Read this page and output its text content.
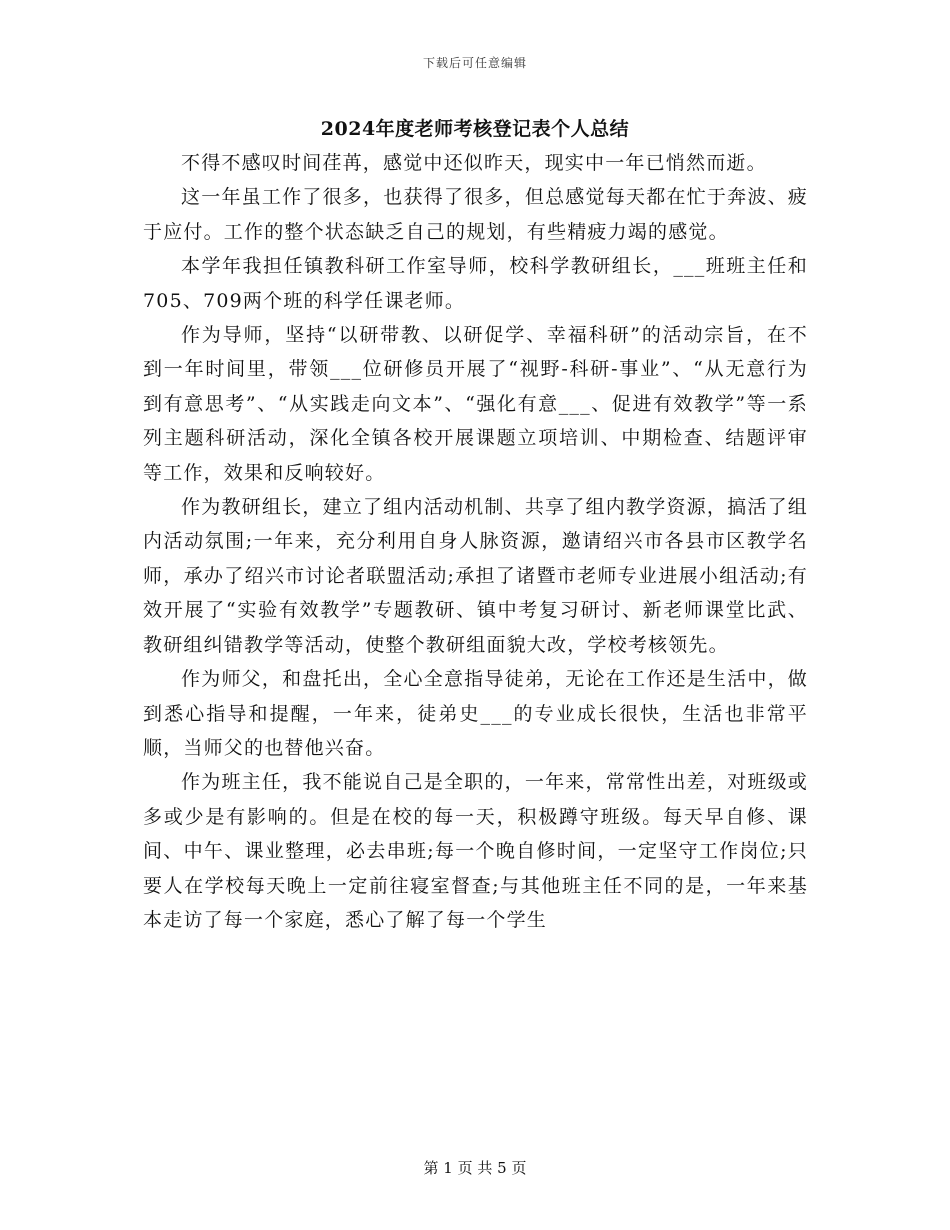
下载后可任意编辑
2024年度老师考核登记表个人总结

不得不感叹时间荏苒，感觉中还似昨天，现实中一年已悄然而逝。

这一年虽工作了很多，也获得了很多，但总感觉每天都在忙于奔波、疲于应付。工作的整个状态缺乏自己的规划，有些精疲力竭的感觉。

本学年我担任镇教科研工作室导师，校科学教研组长，___班班主任和705、709两个班的科学任课老师。

作为导师，坚持“以研带教、以研促学、幸福科研”的活动宗旨，在不到一年时间里，带领___位研修员开展了“视野-科研-事业”、“从无意行为到有意思考”、“从实践走向文本”、“强化有意___、促进有效教学”等一系列主题科研活动，深化全镇各校开展课题立项培训、中期检查、结题评审等工作，效果和反响较好。

作为教研组长，建立了组内活动机制、共享了组内教学资源，搞活了组内活动氛围;一年来，充分利用自身人脉资源，邀请绍兴市各县市区教学名师，承办了绍兴市讨论者联盟活动;承担了诸暨市老师专业进展小组活动;有效开展了“实验有效教学”专题教研、镇中考复习研讨、新老师课堂比武、教研组纠错教学等活动，使整个教研组面貌大改，学校考核领先。

作为师父，和盘托出，全心全意指导徒弟，无论在工作还是生活中，做到悉心指导和提醒，一年来，徒弟史___的专业成长很快，生活也非常平顺，当师父的也替他兴奋。

作为班主任，我不能说自己是全职的，一年来，常常性出差，对班级或多或少是有影响的。但是在校的每一天，积极蹲守班级。每天早自修、课间、中午、课业整理，必去串班;每一个晚自修时间，一定坚守工作岗位;只要人在学校每天晚上一定前往寝室督查;与其他班主任不同的是，一年来基本走访了每一个家庭，悉心了解了每一个学生

第 1 页 共 5 页
